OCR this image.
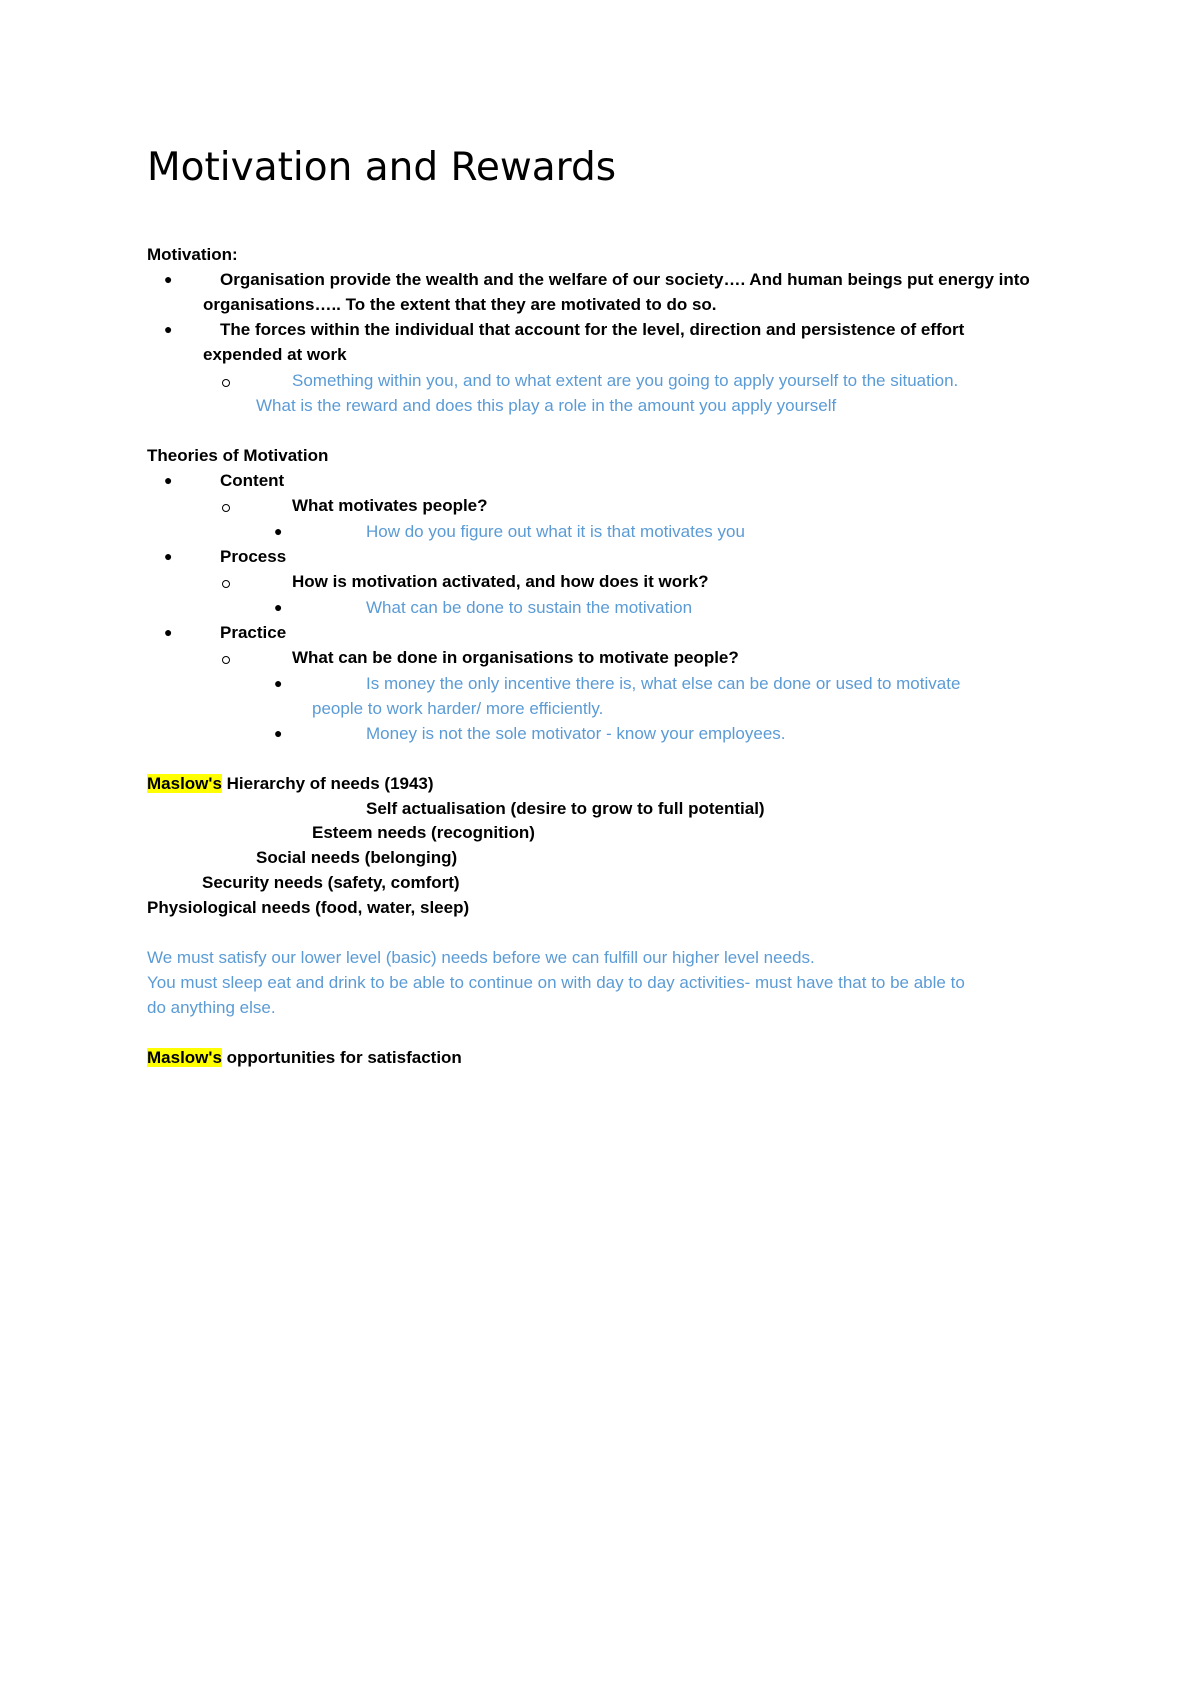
Motivation and Rewards
Motivation:
●	Organisation provide the wealth and the welfare of our society…. And human beings put energy into
organisations….. To the extent that they are motivated to do so.
●	The forces within the individual that account for the level, direction and persistence of effort
expended at work
Something within you, and to what extent are you going to apply yourself to the situation.
What is the reward and does this play a role in the amount you apply yourself
Theories of Motivation
●	Content
What motivates people?
●	How do you figure out what it is that motivates you
●	Process
How is motivation activated, and how does it work?
●	What can be done to sustain the motivation
●	Practice
What can be done in organisations to motivate people?
●	Is money the only incentive there is, what else can be done or used to motivate
people to work harder/ more efficiently.
●	Money is not the sole motivator - know your employees.
Maslow's Hierarchy of needs (1943)
Self actualisation (desire to grow to full potential)
Esteem needs (recognition)
Social needs (belonging)
Security needs (safety, comfort)
Physiological needs (food, water, sleep)
We must satisfy our lower level (basic) needs before we can fulfill our higher level needs.
You must sleep eat and drink to be able to continue on with day to day activities- must have that to be able to
do anything else.
Maslow's opportunities for satisfaction
